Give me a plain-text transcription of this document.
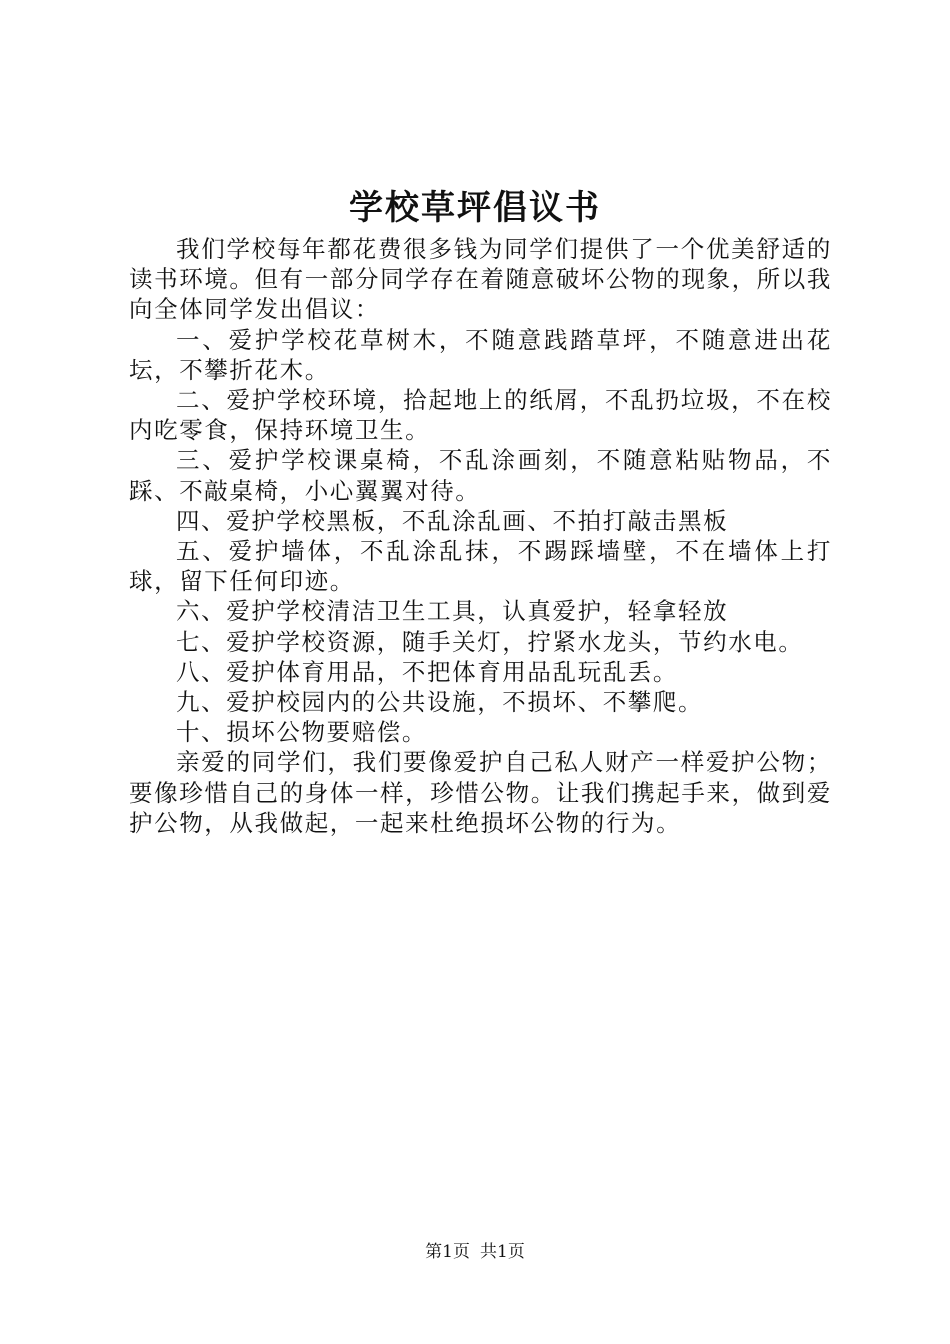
学校草坪倡议书

我们学校每年都花费很多钱为同学们提供了一个优美舒适的读书环境。但有一部分同学存在着随意破坏公物的现象，所以我向全体同学发出倡议：

一、爱护学校花草树木，不随意践踏草坪，不随意进出花坛，不攀折花木。

二、爱护学校环境，拾起地上的纸屑，不乱扔垃圾，不在校内吃零食，保持环境卫生。

三、爱护学校课桌椅，不乱涂画刻，不随意粘贴物品，不踩、不敲桌椅，小心翼翼对待。

四、爱护学校黑板，不乱涂乱画、不拍打敲击黑板

五、爱护墙体，不乱涂乱抹，不踢踩墙壁，不在墙体上打球，留下任何印迹。

六、爱护学校清洁卫生工具，认真爱护，轻拿轻放

七、爱护学校资源，随手关灯，拧紧水龙头，节约水电。

八、爱护体育用品，不把体育用品乱玩乱丢。

九、爱护校园内的公共设施，不损坏、不攀爬。

十、损坏公物要赔偿。

亲爱的同学们，我们要像爱护自己私人财产一样爱护公物；要像珍惜自己的身体一样，珍惜公物。让我们携起手来，做到爱护公物，从我做起，一起来杜绝损坏公物的行为。

第1页 共1页
